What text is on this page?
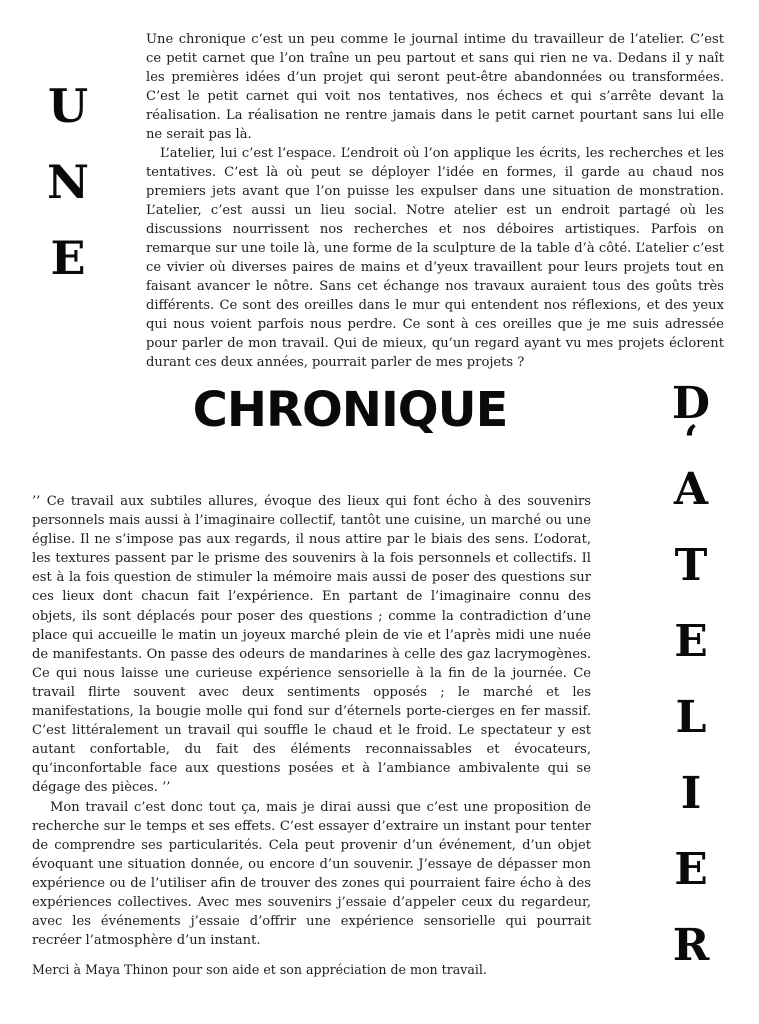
U
N
E

Une chronique c’est un peu comme le journal intime du travailleur de l’atelier. C’est ce petit carnet que l’on traîne un peu partout et sans qui rien ne va. Dedans il y naît les premières idées d’un projet qui seront peut-être abandonnées ou transformées. C’est le petit carnet qui voit nos tentatives, nos échecs et qui s’arrête devant la réalisation. La réalisation ne rentre jamais dans le petit carnet pourtant sans lui elle ne serait pas là.

L’atelier, lui c’est l’espace. L’endroit où l’on applique les écrits, les recherches et les tentatives. C’est là où peut se déployer l’idée en formes, il garde au chaud nos premiers jets avant que l’on puisse les expulser dans une situation de monstration. L’atelier, c’est aussi un lieu social. Notre atelier est un endroit partagé où les discussions nourrissent nos recherches et nos déboires artistiques. Parfois on remarque sur une toile là, une forme de la sculpture de la table d’à côté. L’atelier c’est ce vivier où diverses paires de mains et d’yeux travaillent pour leurs projets tout en faisant avancer le nôtre. Sans cet échange nos travaux auraient tous des goûts très différents. Ce sont des oreilles dans le mur qui entendent nos réflexions, et des yeux qui nous voient parfois nous perdre. Ce sont à ces oreilles que je me suis adressée pour parler de mon travail. Qui de mieux, qu’un regard ayant vu mes projets éclorent durant ces deux années, pourrait parler de mes projets ?

CHRONIQUE	D
‘
A
T
E
L
I
E
R

’’ Ce travail aux subtiles allures, évoque des lieux qui font écho à des souvenirs personnels mais aussi à l’imaginaire collectif, tantôt une cuisine, un marché ou une église. Il ne s’impose pas aux regards, il nous attire par le biais des sens. L’odorat, les textures passent par le prisme des souvenirs à la fois personnels et collectifs. Il est à la fois question de stimuler la mémoire mais aussi de poser des questions sur ces lieux dont chacun fait l’expérience. En partant de l’imaginaire connu des objets, ils sont déplacés pour poser des questions ; comme la contradiction d’une place qui accueille le matin un joyeux marché plein de vie et l’après midi une nuée de manifestants. On passe des odeurs de mandarines à celle des gaz lacrymogènes. Ce qui nous laisse une curieuse expérience sensorielle à la fin de la journée. Ce travail flirte souvent avec deux sentiments opposés ; le marché et les manifestations, la bougie molle qui fond sur d’éternels porte-cierges en fer massif. C’est littéralement un travail qui souffle le chaud et le froid. Le spectateur y est autant confortable, du fait des éléments reconnaissables et évocateurs, qu’inconfortable face aux questions posées et à l’ambiance ambivalente qui se dégage des pièces. ’’

Mon travail c’est donc tout ça, mais je dirai aussi que c’est une proposition de recherche sur le temps et ses effets. C’est essayer d’extraire un instant pour tenter de comprendre ses particularités. Cela peut provenir d’un événement, d’un objet évoquant une situation donnée, ou encore d’un souvenir. J’essaye de dépasser mon expérience ou de l’utiliser afin de trouver des zones qui pourraient faire écho à des expériences collectives. Avec mes souvenirs j’essaie d’appeler ceux du regardeur, avec les événements j’essaie d’offrir une expérience sensorielle qui pourrait recréer l’atmosphère d’un instant.

Merci à Maya Thinon pour son aide et son appréciation de mon travail.
